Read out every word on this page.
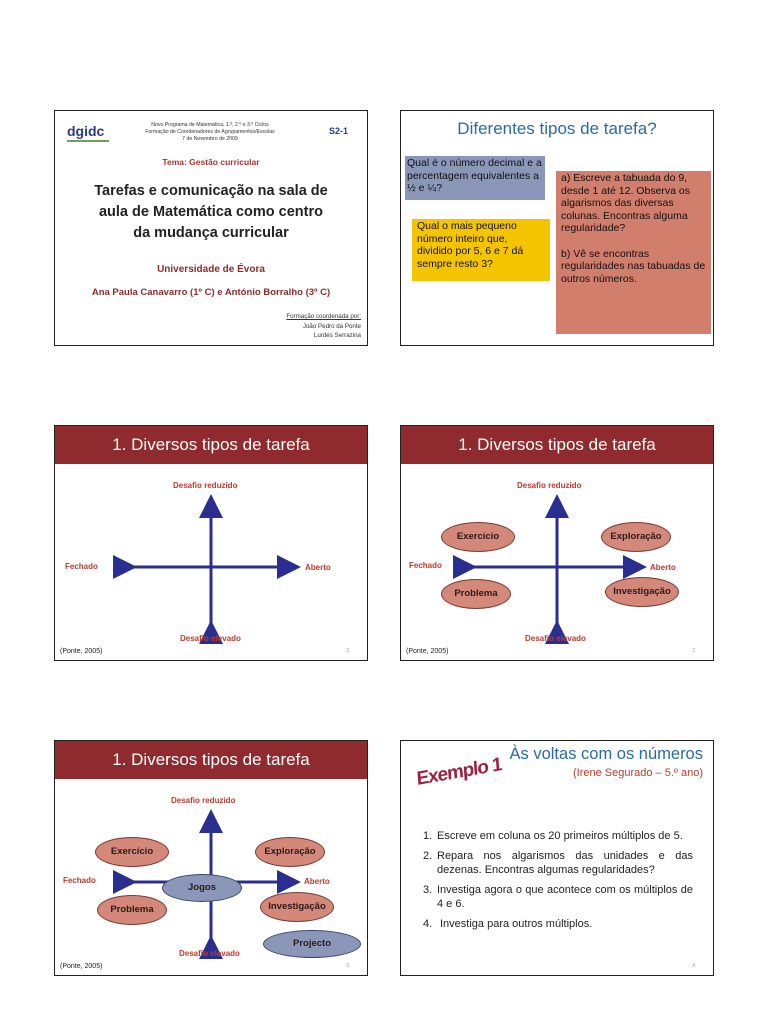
dgidc	Novo Programa de Matemática, 1.º, 2.º e 3.º Ciclos
Formação de Coordenadores de Agrupamentos/Escolas
7 de Novembro de 2009
S2-1
Tema: Gestão curricular
Tarefas e comunicação na sala de
aula de Matemática como centro
da mudança curricular
Universidade de Évora
Ana Paula Canavarro (1º C) e António Borralho (3º C)
Formação coordenada por:
João Pedro da Ponte
Lurdes Serrazina
Diferentes tipos de tarefa?
Qual é o número decimal e a percentagem equivalentes a ½ e ¼?
Qual o mais pequeno número inteiro que, dividido por 5, 6 e 7 dá sempre resto 3?
a) Escreve a tabuada do 9, desde 1 até 12. Observa os algarismos das diversas colunas. Encontras alguma regularidade?
b) Vê se encontras regularidades nas tabuadas de outros números.
1. Diversos tipos de tarefa
Desafio reduzido
Desafio elevado
Fechado	Aberto
(Ponte, 2005)	3
1. Diversos tipos de tarefa
Desafio reduzido
Desafio elevado
Fechado	Aberto
Exercício	Exploração
Problema	Investigação
(Ponte, 2005)	3
1. Diversos tipos de tarefa
Desafio reduzido
Desafio elevado
Fechado	Aberto
Exercício	Exploração
Jogos
Problema	Investigação
Projecto
(Ponte, 2005)	3
Exemplo 1
Às voltas com os números
(Irene Segurado – 5.º ano)
1. Escreve em coluna os 20 primeiros múltiplos de 5.
2. Repara nos algarismos das unidades e das dezenas. Encontras algumas regularidades?
3. Investiga agora o que acontece com os múltiplos de 4 e 6.
4. Investiga para outros múltiplos.
4
